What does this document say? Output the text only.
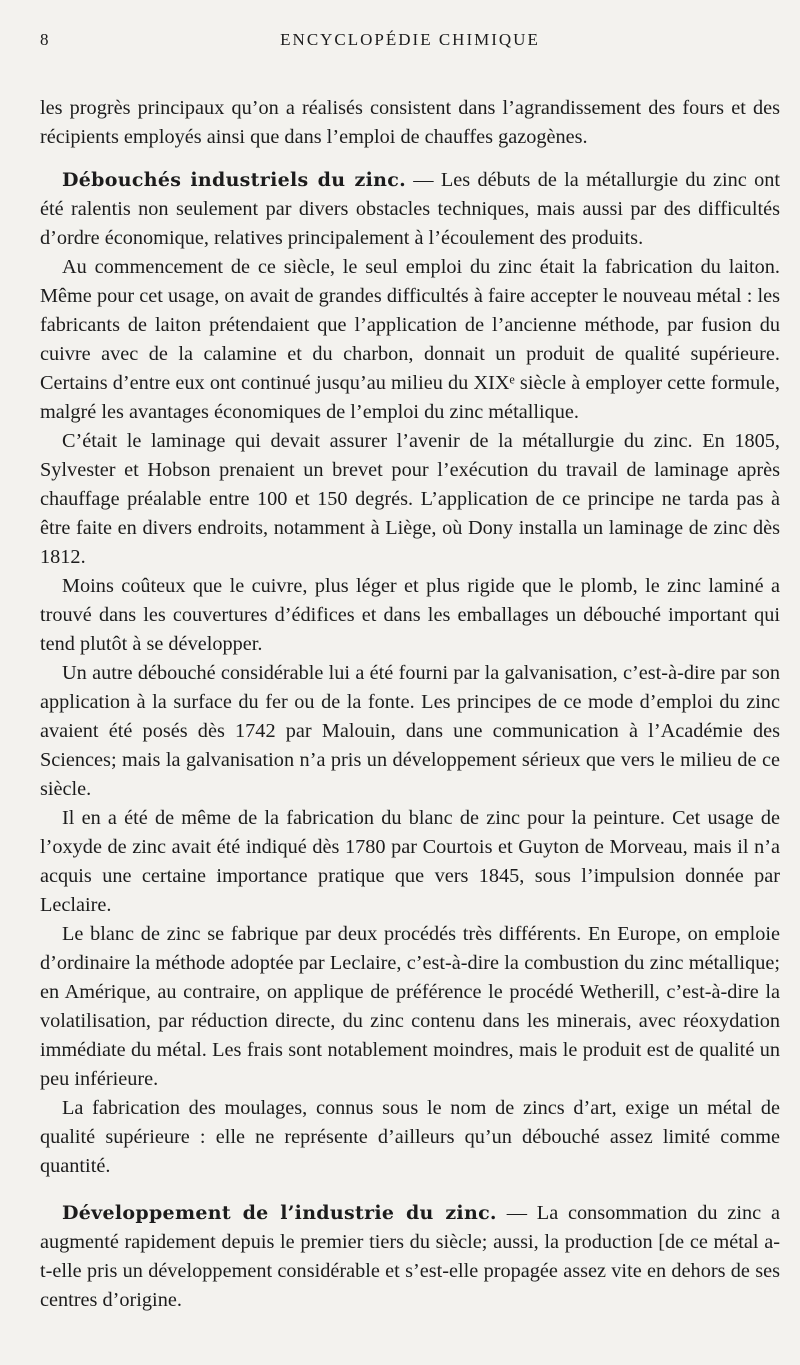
8	ENCYCLOPÉDIE CHIMIQUE

les progrès principaux qu’on a réalisés consistent dans l’agrandissement des fours et des récipients employés ainsi que dans l’emploi de chauffes gazogènes.

Débouchés industriels du zinc. — Les débuts de la métallurgie du zinc ont été ralentis non seulement par divers obstacles techniques, mais aussi par des difficultés d’ordre économique, relatives principalement à l’écoulement des produits.

Au commencement de ce siècle, le seul emploi du zinc était la fabrication du laiton. Même pour cet usage, on avait de grandes difficultés à faire accepter le nouveau métal : les fabricants de laiton prétendaient que l’application de l’ancienne méthode, par fusion du cuivre avec de la calamine et du charbon, donnait un produit de qualité supérieure. Certains d’entre eux ont continué jusqu’au milieu du XIXᵉ siècle à employer cette formule, malgré les avantages économiques de l’emploi du zinc métallique.

C’était le laminage qui devait assurer l’avenir de la métallurgie du zinc. En 1805, Sylvester et Hobson prenaient un brevet pour l’exécution du travail de laminage après chauffage préalable entre 100 et 150 degrés. L’application de ce principe ne tarda pas à être faite en divers endroits, notamment à Liège, où Dony installa un laminage de zinc dès 1812.

Moins coûteux que le cuivre, plus léger et plus rigide que le plomb, le zinc laminé a trouvé dans les couvertures d’édifices et dans les emballages un débouché important qui tend plutôt à se développer.

Un autre débouché considérable lui a été fourni par la galvanisation, c’est-à-dire par son application à la surface du fer ou de la fonte. Les principes de ce mode d’emploi du zinc avaient été posés dès 1742 par Malouin, dans une communication à l’Académie des Sciences; mais la galvanisation n’a pris un développement sérieux que vers le milieu de ce siècle.

Il en a été de même de la fabrication du blanc de zinc pour la peinture. Cet usage de l’oxyde de zinc avait été indiqué dès 1780 par Courtois et Guyton de Morveau, mais il n’a acquis une certaine importance pratique que vers 1845, sous l’impulsion donnée par Leclaire.

Le blanc de zinc se fabrique par deux procédés très différents. En Europe, on emploie d’ordinaire la méthode adoptée par Leclaire, c’est-à-dire la combustion du zinc métallique; en Amérique, au contraire, on applique de préférence le procédé Wetherill, c’est-à-dire la volatilisation, par réduction directe, du zinc contenu dans les minerais, avec réoxydation immédiate du métal. Les frais sont notablement moindres, mais le produit est de qualité un peu inférieure.

La fabrication des moulages, connus sous le nom de zincs d’art, exige un métal de qualité supérieure : elle ne représente d’ailleurs qu’un débouché assez limité comme quantité.

Développement de l’industrie du zinc. — La consommation du zinc a augmenté rapidement depuis le premier tiers du siècle; aussi, la production [de ce métal a-t-elle pris un développement considérable et s’est-elle propagée assez vite en dehors de ses centres d’origine.
